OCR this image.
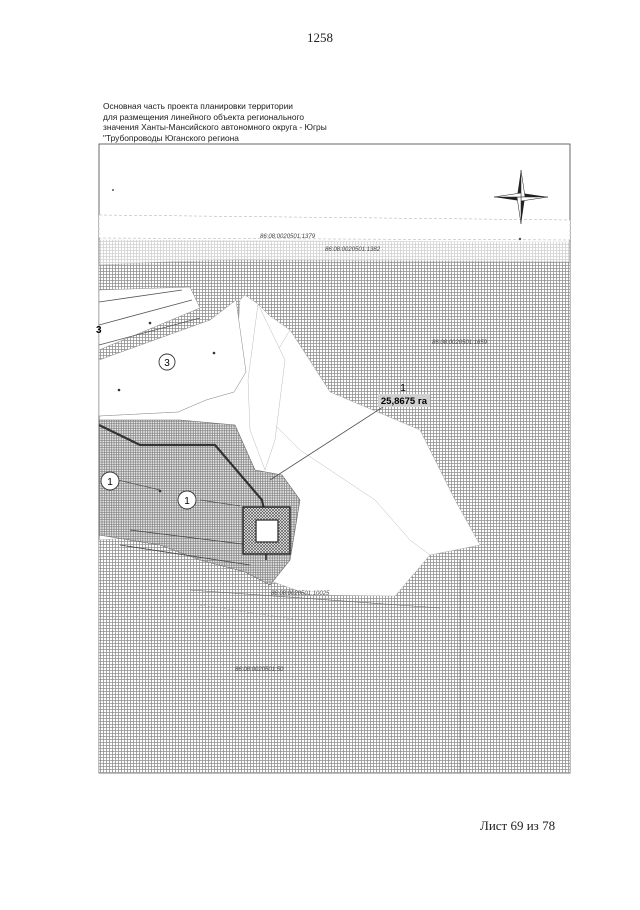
1258
Основная часть проекта планировки территории
для размещения линейного объекта регионального
значения Ханты-Мансийского автономного округа - Югры
"Трубопроводы Юганского региона
3
3
1
1
1
25,8675 га
86:08:0020501:1379
86:08:0020501:1382
86:08:0020501:1659
86:08:0020501:10025
86:08:0020501:50
Лист 69 из 78
